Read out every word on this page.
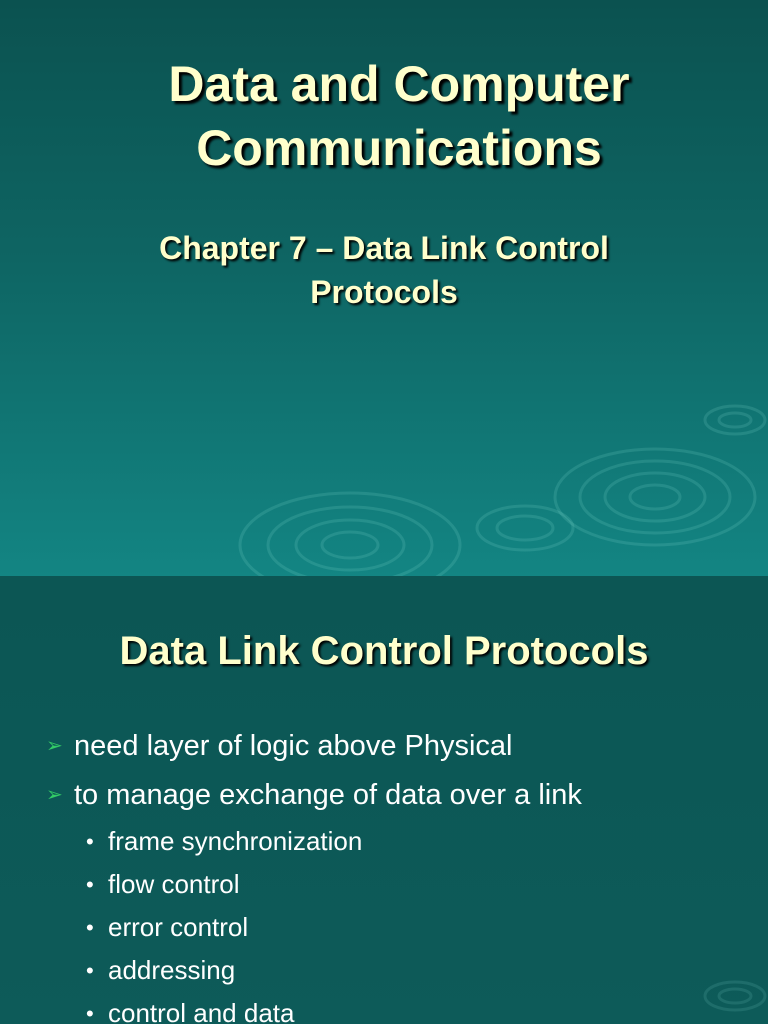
Data and Computer
Communications
Chapter 7 – Data Link Control
Protocols
Data Link Control Protocols
➢ need layer of logic above Physical
➢ to manage exchange of data over a link
• frame synchronization
• flow control
• error control
• addressing
• control and data
